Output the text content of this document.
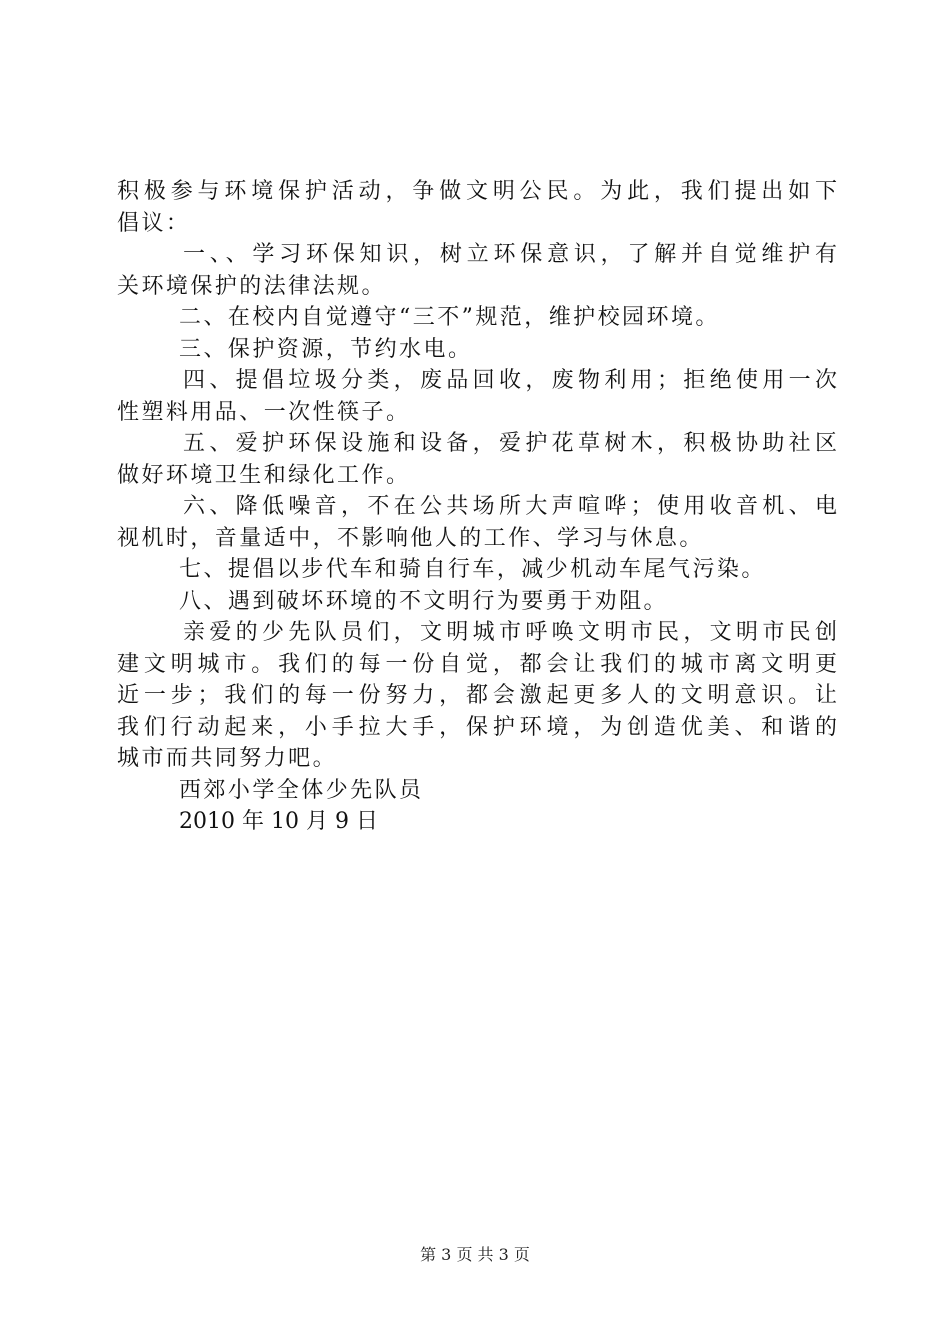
积极参与环境保护活动，争做文明公民。为此，我们提出如下
倡议：
一、、学习环保知识，树立环保意识，了解并自觉维护有
关环境保护的法律法规。
二、在校内自觉遵守“三不”规范，维护校园环境。
三、保护资源，节约水电。
四、提倡垃圾分类，废品回收，废物利用；拒绝使用一次
性塑料用品、一次性筷子。
五、爱护环保设施和设备，爱护花草树木，积极协助社区
做好环境卫生和绿化工作。
六、降低噪音，不在公共场所大声喧哗；使用收音机、电
视机时，音量适中，不影响他人的工作、学习与休息。
七、提倡以步代车和骑自行车，减少机动车尾气污染。
八、遇到破坏环境的不文明行为要勇于劝阻。
亲爱的少先队员们，文明城市呼唤文明市民，文明市民创
建文明城市。我们的每一份自觉，都会让我们的城市离文明更
近一步；我们的每一份努力，都会激起更多人的文明意识。让
我们行动起来，小手拉大手，保护环境，为创造优美、和谐的
城市而共同努力吧。
西郊小学全体少先队员
2010 年 10 月 9 日
第 3 页 共 3 页
